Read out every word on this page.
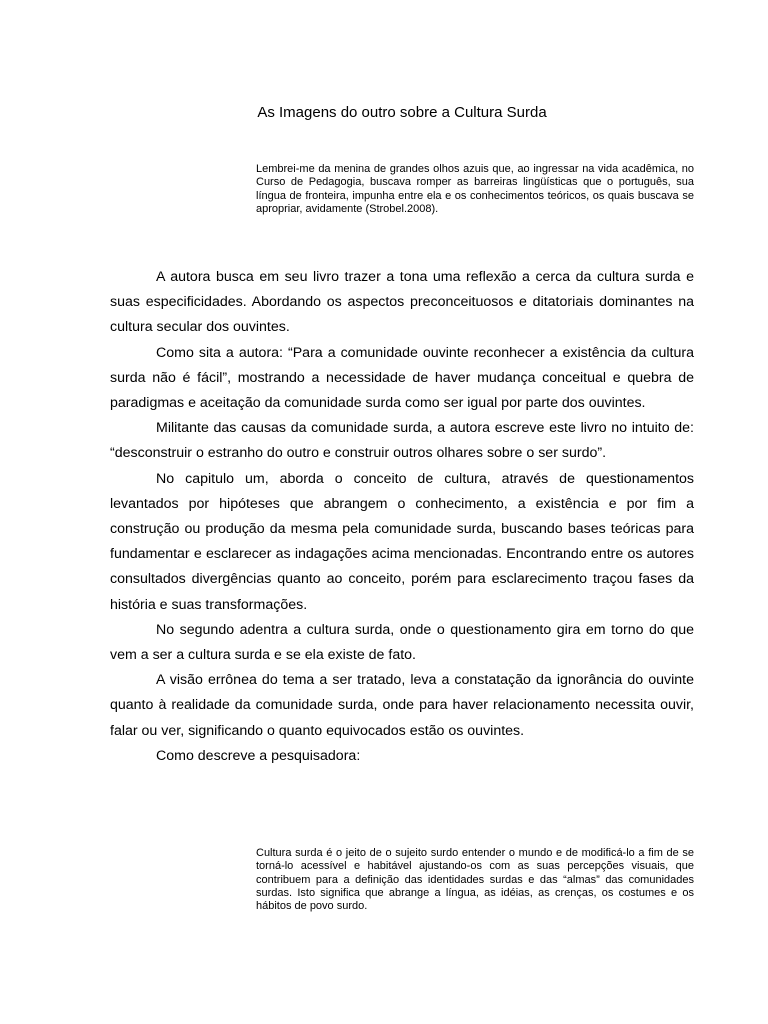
As Imagens do outro sobre a Cultura Surda

Lembrei-me da menina de grandes olhos azuis que, ao ingressar na vida acadêmica, no Curso de Pedagogia, buscava romper as barreiras lingüísticas que o português, sua língua de fronteira, impunha entre ela e os conhecimentos teóricos, os quais buscava se apropriar, avidamente (Strobel.2008).

A autora busca em seu livro trazer a tona uma reflexão a cerca da cultura surda e suas especificidades. Abordando os aspectos preconceituosos e ditatoriais dominantes na cultura secular dos ouvintes.

Como sita a autora: “Para a comunidade ouvinte reconhecer a existência da cultura surda não é fácil”, mostrando a necessidade de haver mudança conceitual e quebra de paradigmas e aceitação da comunidade surda como ser igual por parte dos ouvintes.

Militante das causas da comunidade surda, a autora escreve este livro no intuito de: “desconstruir o estranho do outro e construir outros olhares sobre o ser surdo”.

No capitulo um, aborda o conceito de cultura, através de questionamentos levantados por hipóteses que abrangem o conhecimento, a existência e por fim a construção ou produção da mesma pela comunidade surda, buscando bases teóricas para fundamentar e esclarecer as indagações acima mencionadas. Encontrando entre os autores consultados divergências quanto ao conceito, porém para esclarecimento traçou fases da história e suas transformações.

No segundo adentra a cultura surda, onde o questionamento gira em torno do que vem a ser a cultura surda e se ela existe de fato.

A visão errônea do tema a ser tratado, leva a constatação da ignorância do ouvinte quanto à realidade da comunidade surda, onde para haver relacionamento necessita ouvir, falar ou ver, significando o quanto equivocados estão os ouvintes.

Como descreve a pesquisadora:

Cultura surda é o jeito de o sujeito surdo entender o mundo e de modificá-lo a fim de se torná-lo acessível e habitável ajustando-os com as suas percepções visuais, que contribuem para a definição das identidades surdas e das “almas” das comunidades surdas. Isto significa que abrange a língua, as idéias, as crenças, os costumes e os hábitos de povo surdo.
